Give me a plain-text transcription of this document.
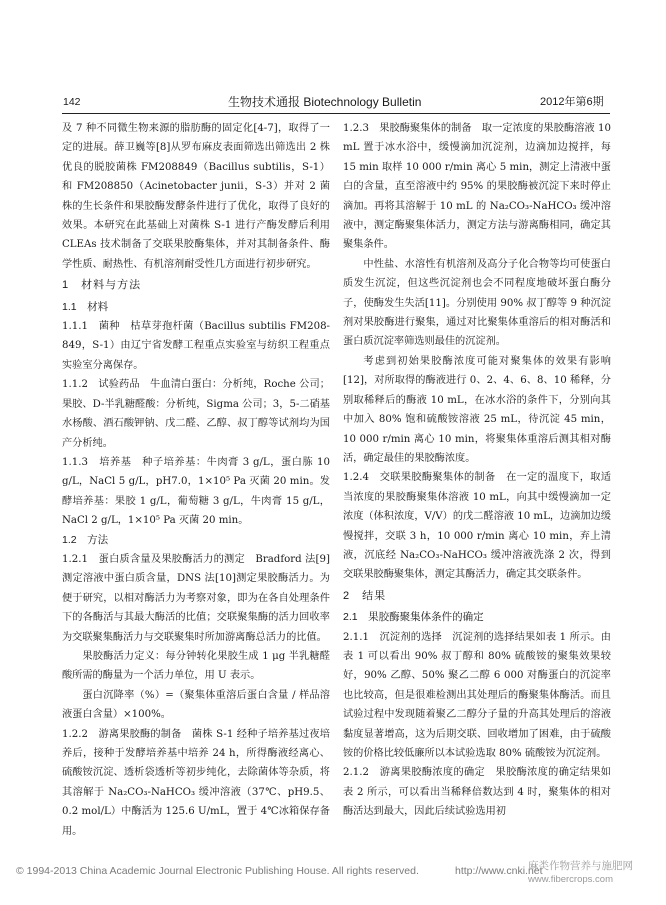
142	生物技术通报 Biotechnology Bulletin	2012年第6期

及 7 种不同微生物来源的脂肪酶的固定化[4-7]，取得了一定的进展。薛卫巍等[8]从罗布麻皮表面筛选出筛选出 2 株优良的脱胶菌株 FM208849（Bacillus subtilis，S-1）和 FM208850（Acinetobacter junii，S-3）并对 2 菌株的生长条件和果胶酶发酵条件进行了优化，取得了良好的效果。本研究在此基础上对菌株 S-1 进行产酶发酵后利用 CLEAs 技术制备了交联果胶酶集体，并对其制备条件、酶学性质、耐热性、有机溶剂耐受性几方面进行初步研究。

1　材料与方法

1.1　材料

1.1.1　菌种　枯草芽孢杆菌（Bacillus subtilis FM208-849，S-1）由辽宁省发酵工程重点实验室与纺织工程重点实验室分离保存。

1.1.2　试验药品　牛血清白蛋白：分析纯，Roche 公司；果胶、D-半乳糖醛酸：分析纯，Sigma 公司；3，5-二硝基水杨酸、酒石酸钾钠、戊二醛、乙醇、叔丁醇等试剂均为国产分析纯。

1.1.3　培养基　种子培养基：牛肉膏 3 g/L，蛋白胨 10 g/L，NaCl 5 g/L，pH7.0，1×10⁵ Pa 灭菌 20 min。发酵培养基：果胶 1 g/L，葡萄糖 3 g/L，牛肉膏 15 g/L，NaCl 2 g/L，1×10⁵ Pa 灭菌 20 min。

1.2　方法

1.2.1　蛋白质含量及果胶酶活力的测定　Bradford 法[9]测定溶液中蛋白质含量，DNS 法[10]测定果胶酶活力。为便于研究，以相对酶活力为考察对象，即为在各自处理条件下的各酶活与其最大酶活的比值；交联聚集酶的活力回收率为交联聚集酶活力与交联聚集时所加游离酶总活力的比值。

果胶酶活力定义：每分钟转化果胶生成 1 μg 半乳糖醛酸所需的酶量为一个活力单位，用 U 表示。

蛋白沉降率（%）=（聚集体重溶后蛋白含量 / 样品溶液蛋白含量）×100%。

1.2.2　游离果胶酶的制备　菌株 S-1 经种子培养基过夜培养后，接种于发酵培养基中培养 24 h，所得酶液经离心、硫酸铵沉淀、透析袋透析等初步纯化，去除菌体等杂质，将其溶解于 Na₂CO₃-NaHCO₃ 缓冲溶液（37℃、pH9.5、0.2 mol/L）中酶活为 125.6 U/mL，置于 4℃冰箱保存备用。

1.2.3　果胶酶聚集体的制备　取一定浓度的果胶酶溶液 10 mL 置于冰水浴中，缓慢滴加沉淀剂，边滴加边搅拌，每 15 min 取样 10 000 r/min 离心 5 min，测定上清液中蛋白的含量，直至溶液中约 95% 的果胶酶被沉淀下来时停止滴加。再将其溶解于 10 mL 的 Na₂CO₃-NaHCO₃ 缓冲溶液中，测定酶聚集体活力，测定方法与游离酶相同，确定其聚集条件。

中性盐、水溶性有机溶剂及高分子化合物等均可使蛋白质发生沉淀，但这些沉淀剂也会不同程度地破坏蛋白酶分子，使酶发生失活[11]。分别使用 90% 叔丁醇等 9 种沉淀剂对果胶酶进行聚集，通过对比聚集体重溶后的相对酶活和蛋白质沉淀率筛选则最佳的沉淀剂。

考虑到初始果胶酶浓度可能对聚集体的效果有影响[12]，对所取得的酶液进行 0、2、4、6、8、10 稀释，分别取稀释后的酶液 10 mL，在冰水浴的条件下，分别向其中加入 80% 饱和硫酸铵溶液 25 mL，待沉淀 45 min，10 000 r/min 离心 10 min，将聚集体重溶后测其相对酶活，确定最佳的果胶酶浓度。

1.2.4　交联果胶酶聚集体的制备　在一定的温度下，取适当浓度的果胶酶聚集体溶液 10 mL，向其中缓慢滴加一定浓度（体积浓度，V/V）的戊二醛溶液 10 mL，边滴加边缓慢搅拌，交联 3 h，10 000 r/min 离心 10 min，弃上清液，沉底经 Na₂CO₃-NaHCO₃ 缓冲溶液洗涤 2 次，得到交联果胶酶聚集体，测定其酶活力，确定其交联条件。

2　结果

2.1　果胶酶聚集体条件的确定

2.1.1　沉淀剂的选择　沉淀剂的选择结果如表 1 所示。由表 1 可以看出 90% 叔丁醇和 80% 硫酸铵的聚集效果较好，90% 乙醇、50% 聚乙二醇 6 000 对酶蛋白的沉淀率也比较高，但是很难检测出其处理后的酶聚集体酶活。而且试验过程中发现随着聚乙二醇分子量的升高其处理后的溶液黏度显著增高，这为后期交联、回收增加了困难，由于硫酸铵的价格比较低廉所以本试验选取 80% 硫酸铵为沉淀剂。

2.1.2　游离果胶酶浓度的确定　果胶酶浓度的确定结果如表 2 所示，可以看出当稀释倍数达到 4 时，聚集体的相对酶活达到最大，因此后续试验选用初

© 1994-2013 China Academic Journal Electronic Publishing House. All rights reserved.	http://www.cnki.net
麻类作物营养与施肥网
www.fibercrops.com
